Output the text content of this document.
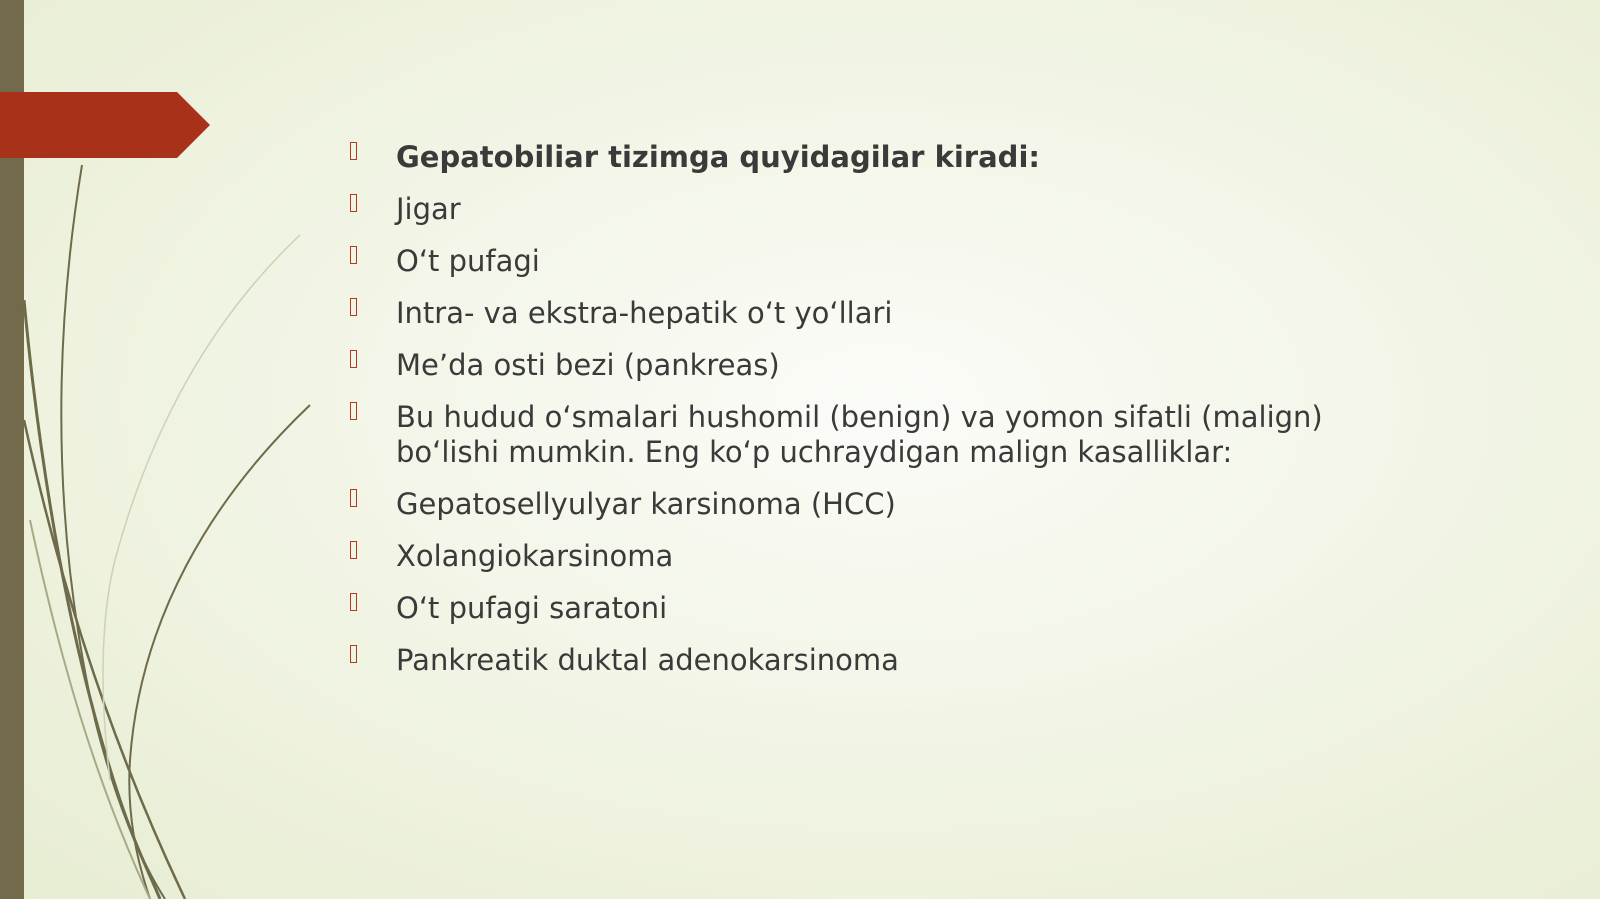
Gepatobiliar tizimga quyidagilar kiradi:
Jigar
O‘t pufagi
Intra- va ekstra-hepatik o‘t yo‘llari
Me’da osti bezi (pankreas)
Bu hudud o‘smalari hushomil (benign) va yomon sifatli (malign) bo‘lishi mumkin. Eng ko‘p uchraydigan malign kasalliklar:
Gepatosellyulyar karsinoma (HCC)
Xolangiokarsinoma
O‘t pufagi saratoni
Pankreatik duktal adenokarsinoma
